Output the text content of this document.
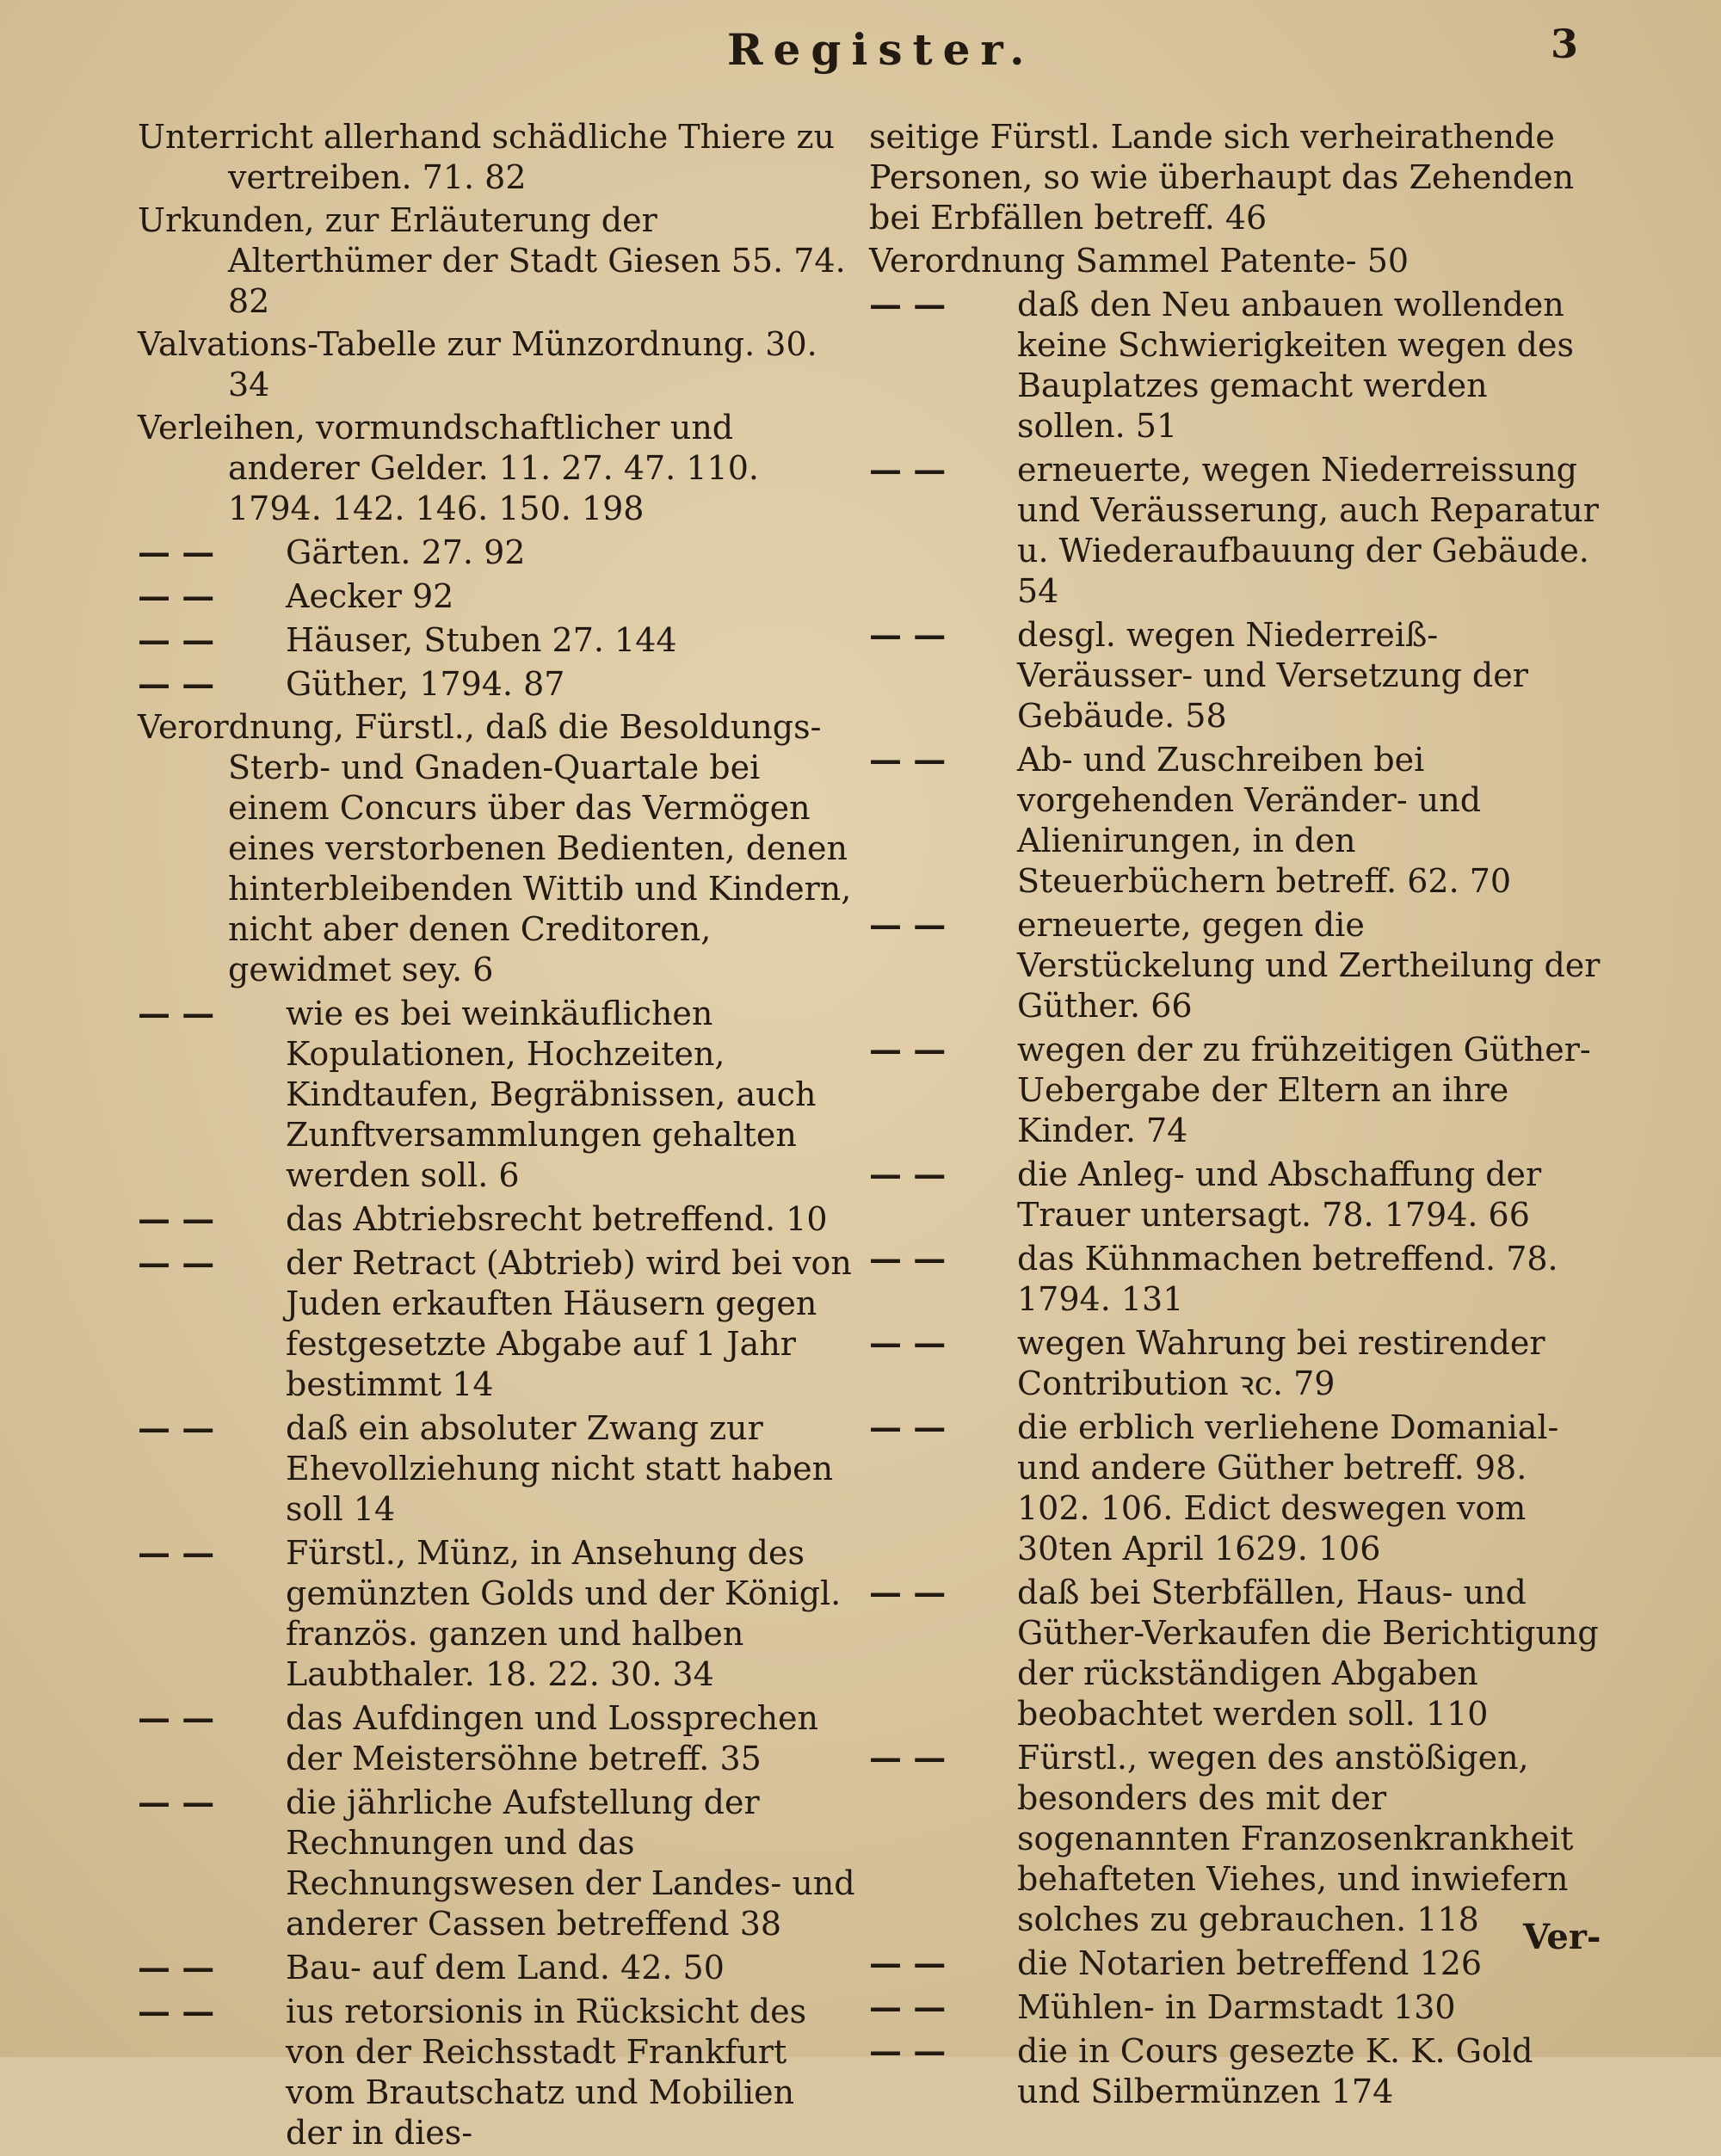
Register.	3

Unterricht allerhand schädliche Thiere zu vertreiben. 71. 82

Urkunden, zur Erläuterung der Alterthümer der Stadt Giesen 55. 74. 82

Valvations-Tabelle zur Münzordnung. 30. 34

Verleihen, vormundschaftlicher und anderer Gelder. 11. 27. 47. 110. 1794. 142. 146. 150. 198

— — Gärten. 27. 92

— — Aecker 92

— — Häuser, Stuben 27. 144

— — Güther, 1794. 87

Verordnung, Fürstl., daß die Besoldungs- Sterb- und Gnaden-Quartale bei einem Concurs über das Vermögen eines verstorbenen Bedienten, denen hinterbleibenden Wittib und Kindern, nicht aber denen Creditoren, gewidmet sey. 6

— — wie es bei weinkäuflichen Kopulationen, Hochzeiten, Kindtaufen, Begräbnissen, auch Zunftversammlungen gehalten werden soll. 6

— — das Abtriebsrecht betreffend. 10

— — der Retract (Abtrieb) wird bei von Juden erkauften Häusern gegen festgesetzte Abgabe auf 1 Jahr bestimmt 14

— — daß ein absoluter Zwang zur Ehevollziehung nicht statt haben soll 14

— — Fürstl., Münz, in Ansehung des gemünzten Golds und der Königl. französ. ganzen und halben Laubthaler. 18. 22. 30. 34

— — das Aufdingen und Lossprechen der Meistersöhne betreff. 35

— — die jährliche Aufstellung der Rechnungen und das Rechnungswesen der Landes- und anderer Cassen betreffend 38

— — Bau- auf dem Land. 42. 50

— — ius retorsionis in Rücksicht des von der Reichsstadt Frankfurt vom Brautschatz und Mobilien der in dies-

seitige Fürstl. Lande sich verheirathende Personen, so wie überhaupt das Zehenden bei Erbfällen betreff. 46

Verordnung Sammel Patente- 50

— — daß den Neu anbauen wollenden keine Schwierigkeiten wegen des Bauplatzes gemacht werden sollen. 51

— — erneuerte, wegen Niederreissung und Veräusserung, auch Reparatur u. Wiederaufbauung der Gebäude. 54

— — desgl. wegen Niederreiß- Veräusser- und Versetzung der Gebäude. 58

— — Ab- und Zuschreiben bei vorgehenden Veränder- und Alienirungen, in den Steuerbüchern betreff. 62. 70

— — erneuerte, gegen die Verstückelung und Zertheilung der Güther. 66

— — wegen der zu frühzeitigen Güther-Uebergabe der Eltern an ihre Kinder. 74

— — die Anleg- und Abschaffung der Trauer untersagt. 78. 1794. 66

— — das Kühnmachen betreffend. 78. 1794. 131

— — wegen Wahrung bei restirender Contribution ꝛc. 79

— — die erblich verliehene Domanial- und andere Güther betreff. 98. 102. 106. Edict deswegen vom 30ten April 1629. 106

— — daß bei Sterbfällen, Haus- und Güther-Verkaufen die Berichtigung der rückständigen Abgaben beobachtet werden soll. 110

— — Fürstl., wegen des anstößigen, besonders des mit der sogenannten Franzosenkrankheit behafteten Viehes, und inwiefern solches zu gebrauchen. 118

— — die Notarien betreffend 126

— — Mühlen- in Darmstadt 130

— — die in Cours gesezte K. K. Gold und Silbermünzen 174

Ver-
